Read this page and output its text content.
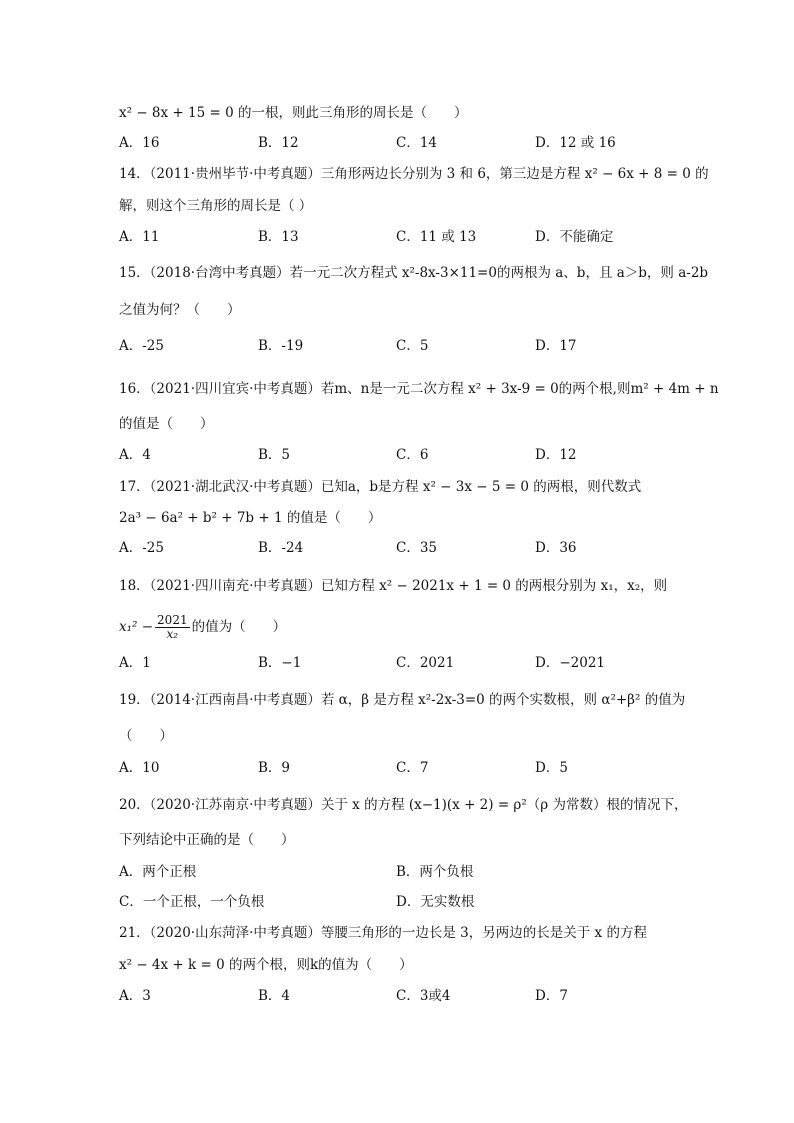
x² − 8x + 15 = 0 的一根，则此三角形的周长是（　　）
A．16	B．12	C．14	D．12 或 16
14．（2011·贵州毕节·中考真题）三角形两边长分别为 3 和 6，第三边是方程 x² − 6x + 8 = 0 的
解，则这个三角形的周长是（ ）
A．11	B．13	C．11 或 13	D．不能确定
15．（2018·台湾中考真题）若一元二次方程式 x²-8x-3×11=0的两根为 a、b，且 a＞b，则 a-2b
之值为何？（　　）
A．-25	B．-19	C．5	D．17
16．（2021·四川宜宾·中考真题）若m、n是一元二次方程 x² + 3x-9 = 0的两个根,则m² + 4m + n
的值是（　　）
A．4	B．5	C．6	D．12
17．（2021·湖北武汉·中考真题）已知a，b是方程 x² − 3x − 5 = 0 的两根，则代数式
2a³ − 6a² + b² + 7b + 1 的值是（　　）
A．-25	B．-24	C．35	D．36
18．（2021·四川南充·中考真题）已知方程 x² − 2021x + 1 = 0 的两根分别为 x₁，x₂，则
$x_1^2 - \frac{2021}{\text{x₂}}$ 的值为（　　）
A．1	B．−1	C．2021	D．−2021
19．（2014·江西南昌·中考真题）若 α，β 是方程 x²-2x-3=0 的两个实数根，则 α²+β² 的值为
（　　）
A．10	B．9	C．7	D．5
20．（2020·江苏南京·中考真题）关于 x 的方程 (x−1)(x + 2) = ρ²（ρ 为常数）根的情况下，
下列结论中正确的是（　　）
A．两个正根	B．两个负根
C．一个正根，一个负根	D．无实数根
21．（2020·山东菏泽·中考真题）等腰三角形的一边长是 3，另两边的长是关于 x 的方程
x² − 4x + k = 0 的两个根，则k的值为（　　）
A．3	B．4	C．3或4	D．7
